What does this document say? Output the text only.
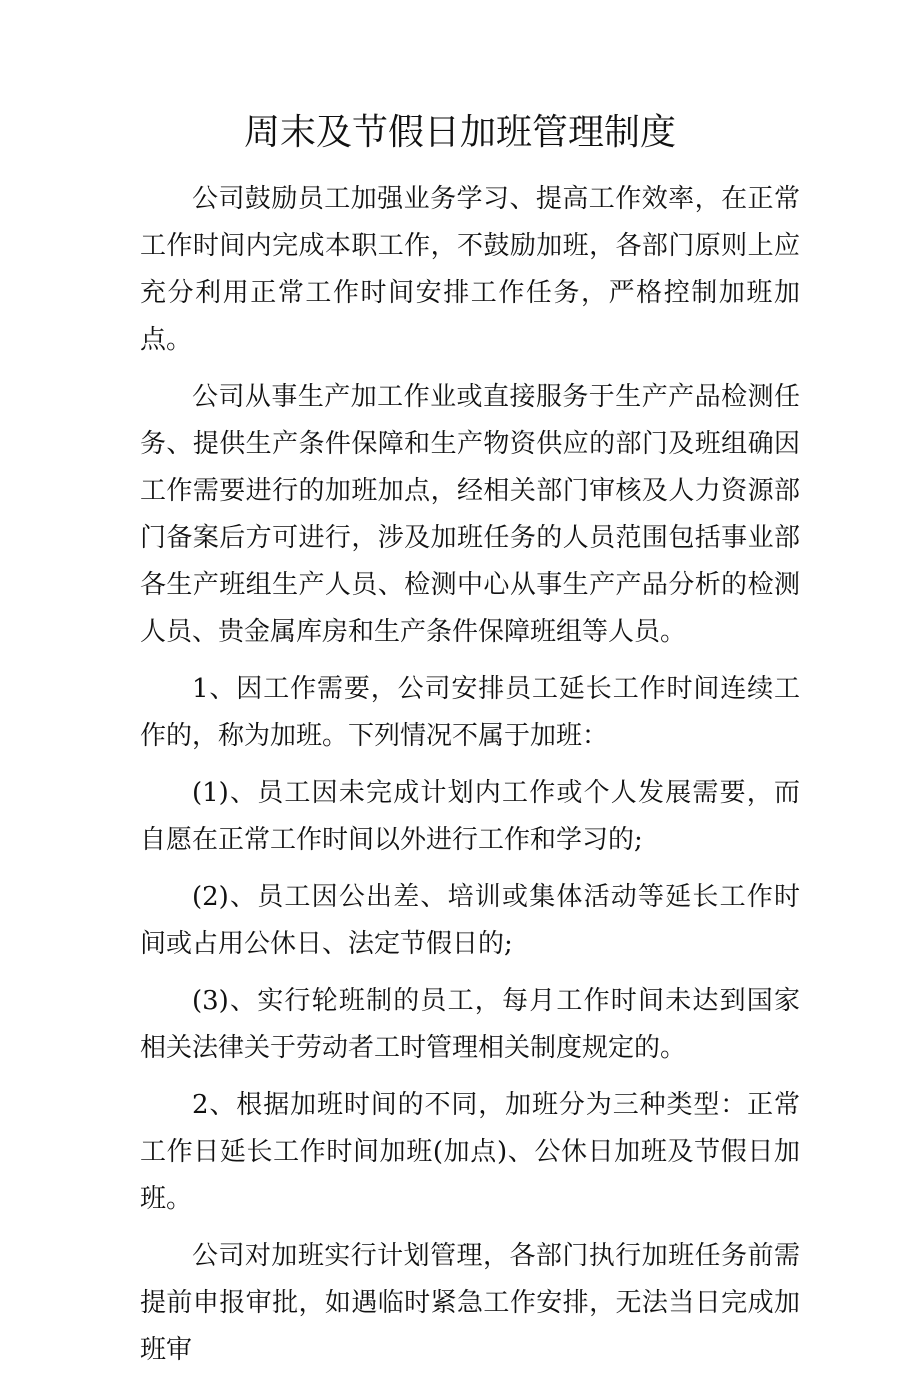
周末及节假日加班管理制度

公司鼓励员工加强业务学习、提高工作效率，在正常工作时间内完成本职工作，不鼓励加班，各部门原则上应充分利用正常工作时间安排工作任务，严格控制加班加点。

公司从事生产加工作业或直接服务于生产产品检测任务、提供生产条件保障和生产物资供应的部门及班组确因工作需要进行的加班加点，经相关部门审核及人力资源部门备案后方可进行，涉及加班任务的人员范围包括事业部各生产班组生产人员、检测中心从事生产产品分析的检测人员、贵金属库房和生产条件保障班组等人员。

1、因工作需要，公司安排员工延长工作时间连续工作的，称为加班。下列情况不属于加班：

(1)、员工因未完成计划内工作或个人发展需要，而自愿在正常工作时间以外进行工作和学习的;

(2)、员工因公出差、培训或集体活动等延长工作时间或占用公休日、法定节假日的;

(3)、实行轮班制的员工，每月工作时间未达到国家相关法律关于劳动者工时管理相关制度规定的。

2、根据加班时间的不同，加班分为三种类型：正常工作日延长工作时间加班(加点)、公休日加班及节假日加班。

公司对加班实行计划管理，各部门执行加班任务前需提前申报审批，如遇临时紧急工作安排，无法当日完成加班审
